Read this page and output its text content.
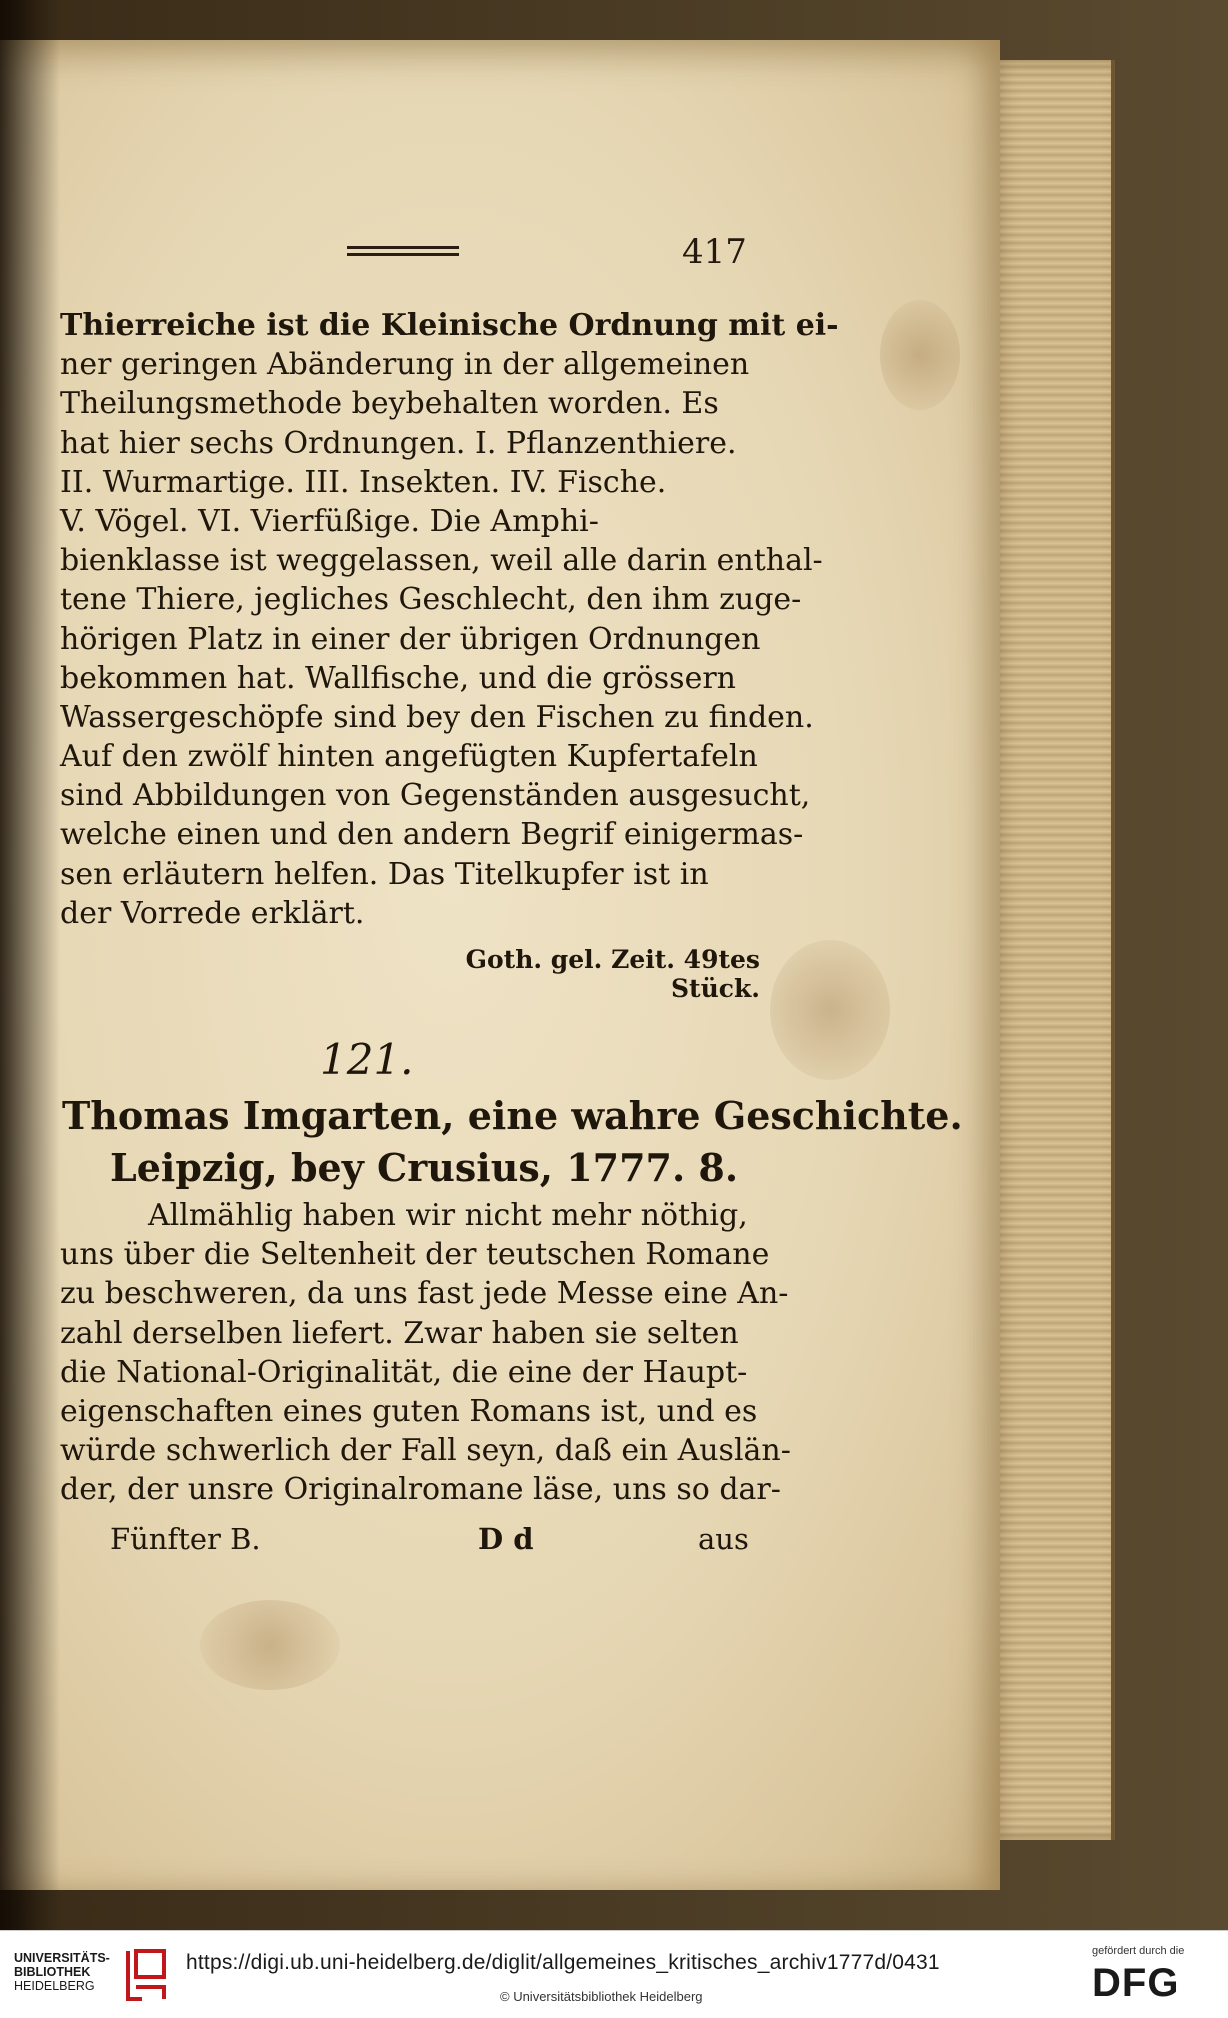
417
Thierreiche ist die Kleinische Ordnung mit ei-
ner geringen Abänderung in der allgemeinen
Theilungsmethode beybehalten worden. Es
hat hier sechs Ordnungen. I. Pflanzenthiere.
II. Wurmartige. III. Insekten. IV. Fische.
V. Vögel. VI. Vierfüßige. Die Amphi-
bienklasse ist weggelassen, weil alle darin enthal-
tene Thiere, jegliches Geschlecht, den ihm zuge-
hörigen Platz in einer der übrigen Ordnungen
bekommen hat. Wallfische, und die grössern
Wassergeschöpfe sind bey den Fischen zu finden.
Auf den zwölf hinten angefügten Kupfertafeln
sind Abbildungen von Gegenständen ausgesucht,
welche einen und den andern Begrif einigermas-
sen erläutern helfen. Das Titelkupfer ist in
der Vorrede erklärt.
Goth. gel. Zeit. 49tes Stück.
121.
Thomas Imgarten, eine wahre Geschichte.
Leipzig, bey Crusius, 1777. 8.
Allmählig haben wir nicht mehr nöthig,
uns über die Seltenheit der teutschen Romane
zu beschweren, da uns fast jede Messe eine An-
zahl derselben liefert. Zwar haben sie selten
die National-Originalität, die eine der Haupt-
eigenschaften eines guten Romans ist, und es
würde schwerlich der Fall seyn, daß ein Auslän-
der, der unsre Originalromane läse, uns so dar-
Fünfter B.	D d	aus
UNIVERSITÄTS-
BIBLIOTHEK
HEIDELBERG
https://digi.ub.uni-heidelberg.de/diglit/allgemeines_kritisches_archiv1777d/0431
© Universitätsbibliothek Heidelberg
gefördert durch die
DFG
